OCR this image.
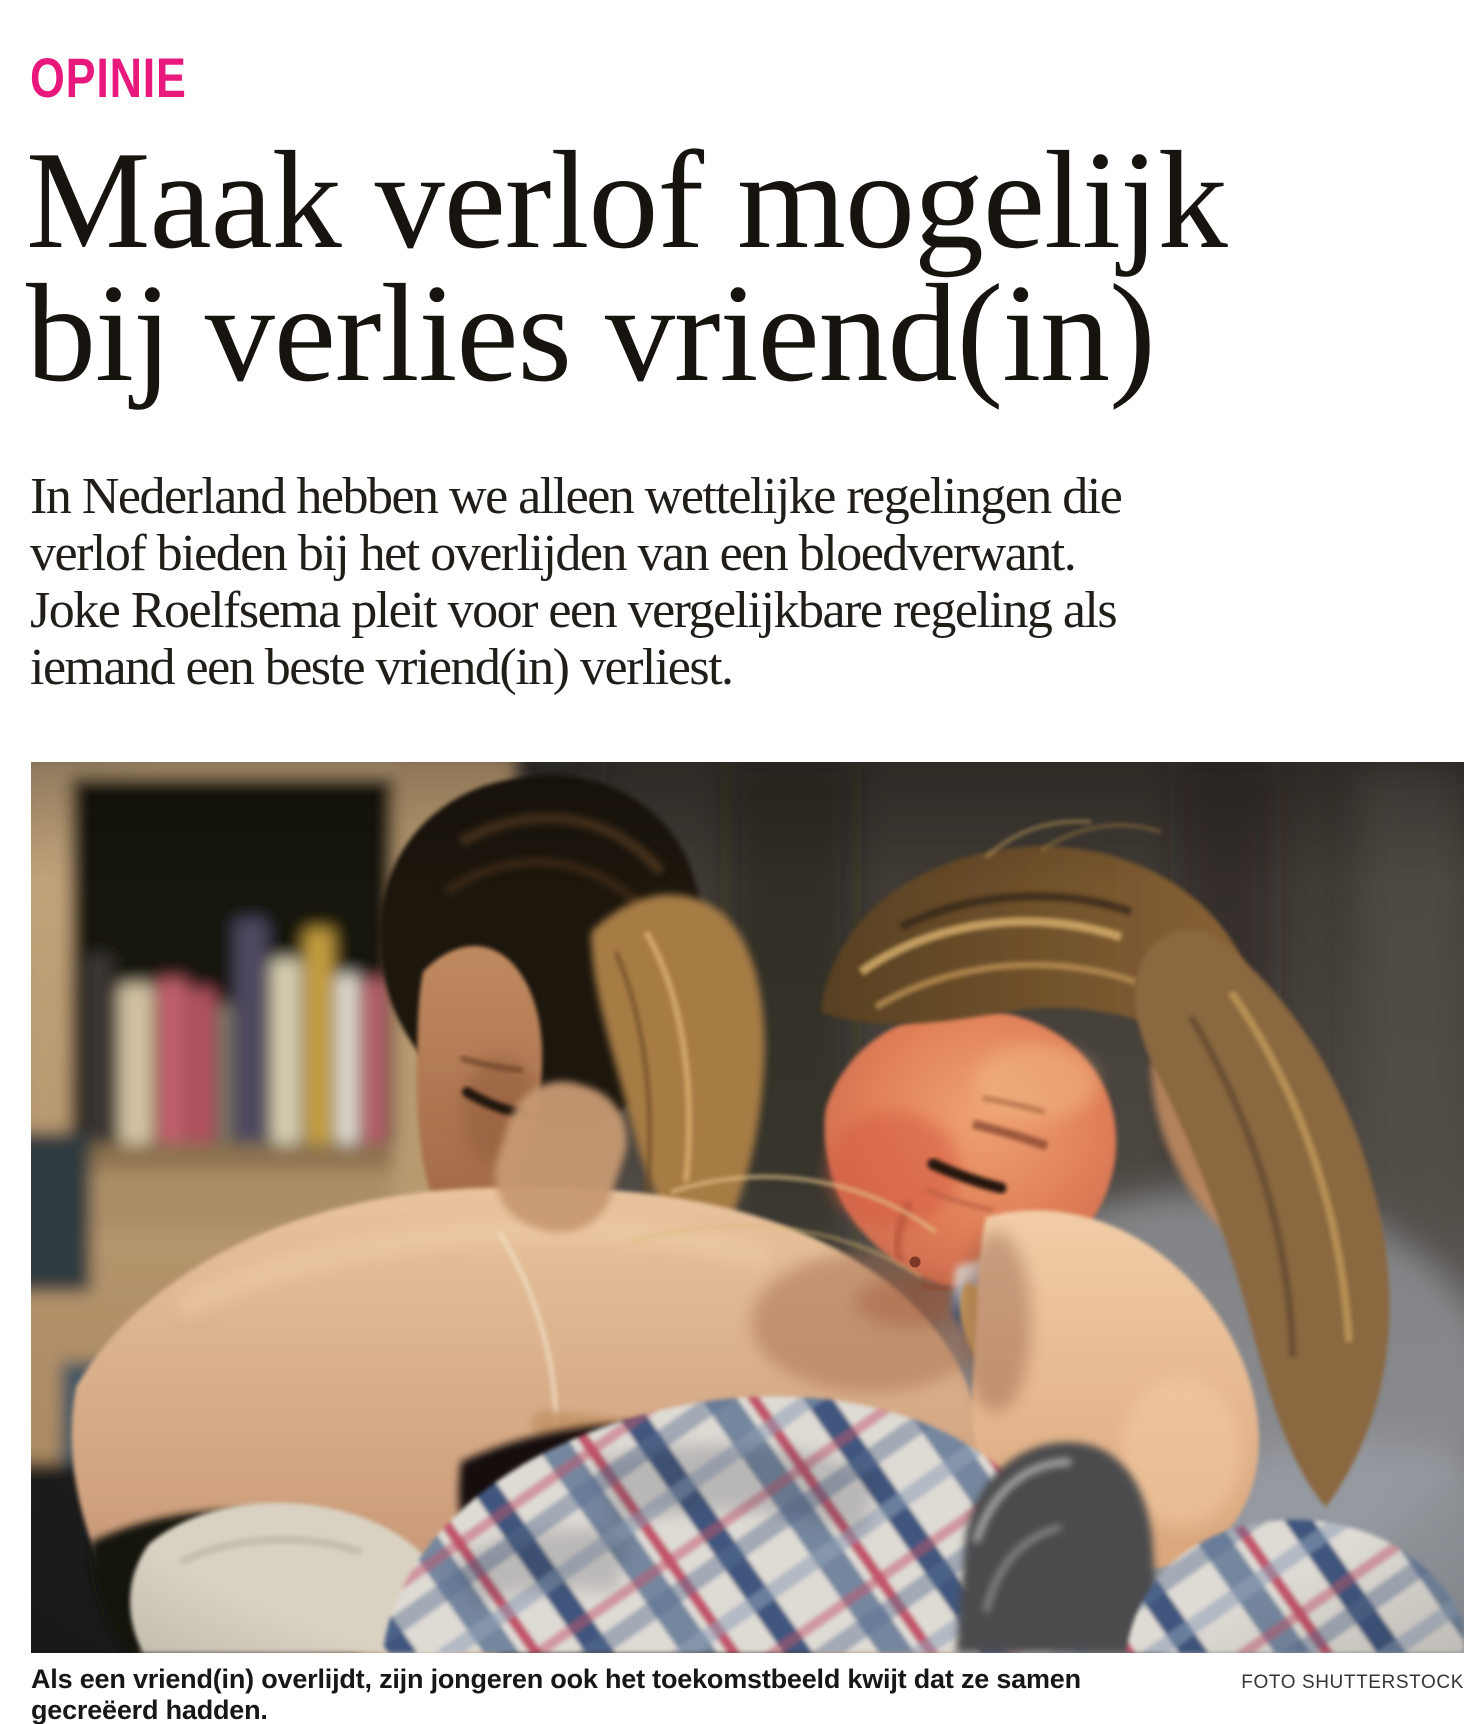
OPINIE
Maak verlof mogelijk
bij verlies vriend(in)

In Nederland hebben we alleen wettelijke regelingen die
verlof bieden bij het overlijden van een bloedverwant.
Joke Roelfsema pleit voor een vergelijkbare regeling als
iemand een beste vriend(in) verliest.

Als een vriend(in) overlijdt, zijn jongeren ook het toekomstbeeld kwijt dat ze samen gecreëerd hadden.
FOTO SHUTTERSTOCK
